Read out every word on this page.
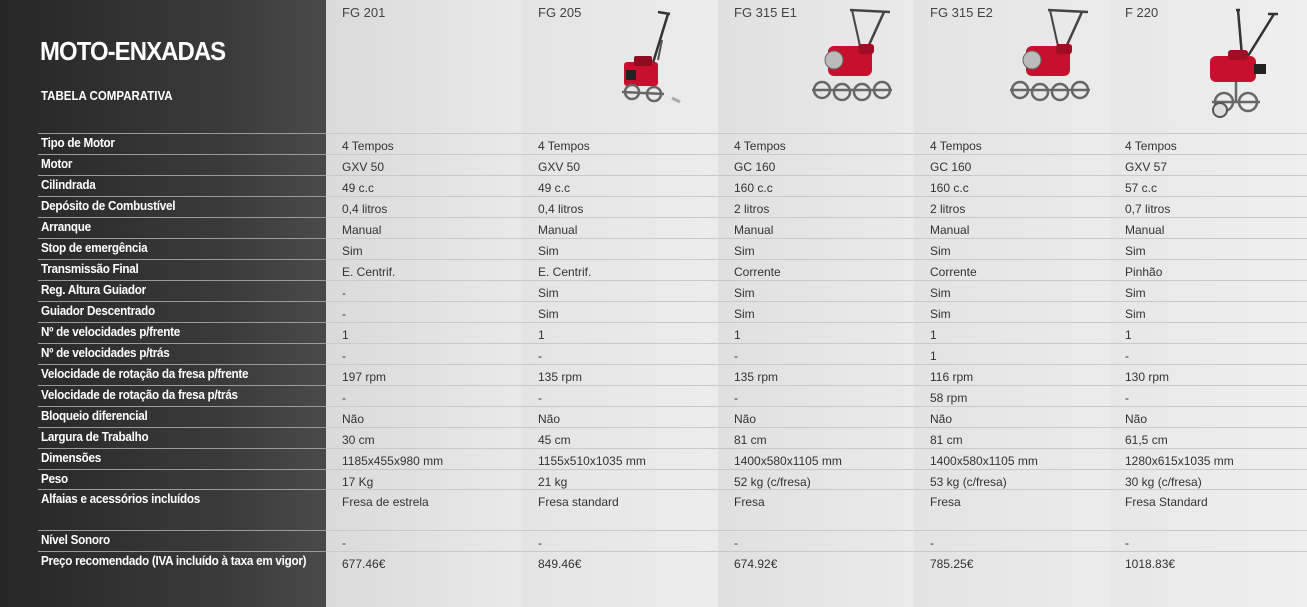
MOTO-ENXADAS
TABELA COMPARATIVA
FG 201	FG 205	FG 315 E1	FG 315 E2	F 220
Tipo de Motor	4 Tempos	4 Tempos	4 Tempos	4 Tempos	4 Tempos
Motor	GXV 50	GXV 50	GC 160	GC 160	GXV 57
Cilindrada	49 c.c	49 c.c	160 c.c	160 c.c	57 c.c
Depósito de Combustível	0,4 litros	0,4 litros	2 litros	2 litros	0,7 litros
Arranque	Manual	Manual	Manual	Manual	Manual
Stop de emergência	Sim	Sim	Sim	Sim	Sim
Transmissão Final	E. Centrif.	E. Centrif.	Corrente	Corrente	Pinhão
Reg. Altura Guiador	-	Sim	Sim	Sim	Sim
Guiador Descentrado	-	Sim	Sim	Sim	Sim
Nº de velocidades p/frente	1	1	1	1	1
Nº de velocidades p/trás	-	-	-	1	-
Velocidade de rotação da fresa p/frente	197 rpm	135 rpm	135 rpm	116 rpm	130 rpm
Velocidade de rotação da fresa p/trás	-	-	-	58 rpm	-
Bloqueio diferencial	Não	Não	Não	Não	Não
Largura de Trabalho	30 cm	45 cm	81 cm	81 cm	61,5 cm
Dimensões	1185x455x980 mm	1155x510x1035 mm	1400x580x1105 mm	1400x580x1105 mm	1280x615x1035 mm
Peso	17 Kg	21 kg	52 kg (c/fresa)	53 kg (c/fresa)	30 kg (c/fresa)
Alfaias e acessórios incluídos	Fresa de estrela	Fresa standard	Fresa	Fresa	Fresa Standard
Nível Sonoro	-	-	-	-	-
Preço recomendado (IVA incluído à taxa em vigor)	677.46€	849.46€	674.92€	785.25€	1018.83€
